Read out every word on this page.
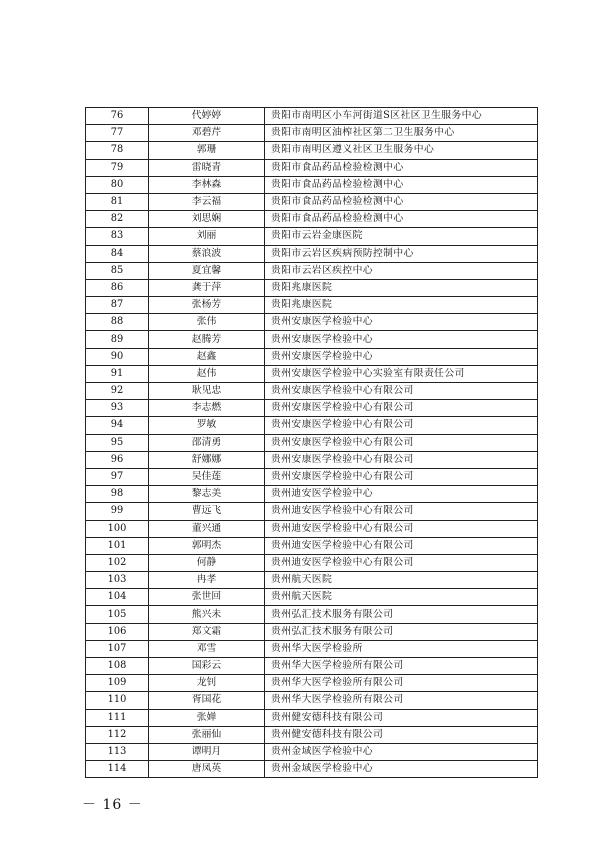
76	代婷婷	贵阳市南明区小车河街道S区社区卫生服务中心
77	邓碧芹	贵阳市南明区油榨社区第二卫生服务中心
78	郭珊	贵阳市南明区遵义社区卫生服务中心
79	雷晓青	贵阳市食品药品检验检测中心
80	李林森	贵阳市食品药品检验检测中心
81	李云福	贵阳市食品药品检验检测中心
82	刘思娴	贵阳市食品药品检验检测中心
83	刘丽	贵阳市云岩金康医院
84	蔡浪波	贵阳市云岩区疾病预防控制中心
85	夏宜馨	贵阳市云岩区疾控中心
86	龚于萍	贵阳兆康医院
87	张杨芳	贵阳兆康医院
88	张伟	贵州安康医学检验中心
89	赵腾芳	贵州安康医学检验中心
90	赵鑫	贵州安康医学检验中心
91	赵伟	贵州安康医学检验中心实验室有限责任公司
92	耿见忠	贵州安康医学检验中心有限公司
93	李志燃	贵州安康医学检验中心有限公司
94	罗敏	贵州安康医学检验中心有限公司
95	邵清勇	贵州安康医学检验中心有限公司
96	舒娜娜	贵州安康医学检验中心有限公司
97	吴佳莲	贵州安康医学检验中心有限公司
98	黎志美	贵州迪安医学检验中心
99	曹远飞	贵州迪安医学检验中心有限公司
100	董兴通	贵州迪安医学检验中心有限公司
101	郭明杰	贵州迪安医学检验中心有限公司
102	何静	贵州迪安医学检验中心有限公司
103	冉孝	贵州航天医院
104	张世回	贵州航天医院
105	熊兴未	贵州弘汇技术服务有限公司
106	郑文霜	贵州弘汇技术服务有限公司
107	邓雪	贵州华大医学检验所
108	国彩云	贵州华大医学检验所有限公司
109	龙钊	贵州华大医学检验所有限公司
110	胥国花	贵州华大医学检验所有限公司
111	张婵	贵州健安德科技有限公司
112	张丽仙	贵州健安德科技有限公司
113	谭明月	贵州金域医学检验中心
114	唐凤英	贵州金域医学检验中心
－ 16 －
